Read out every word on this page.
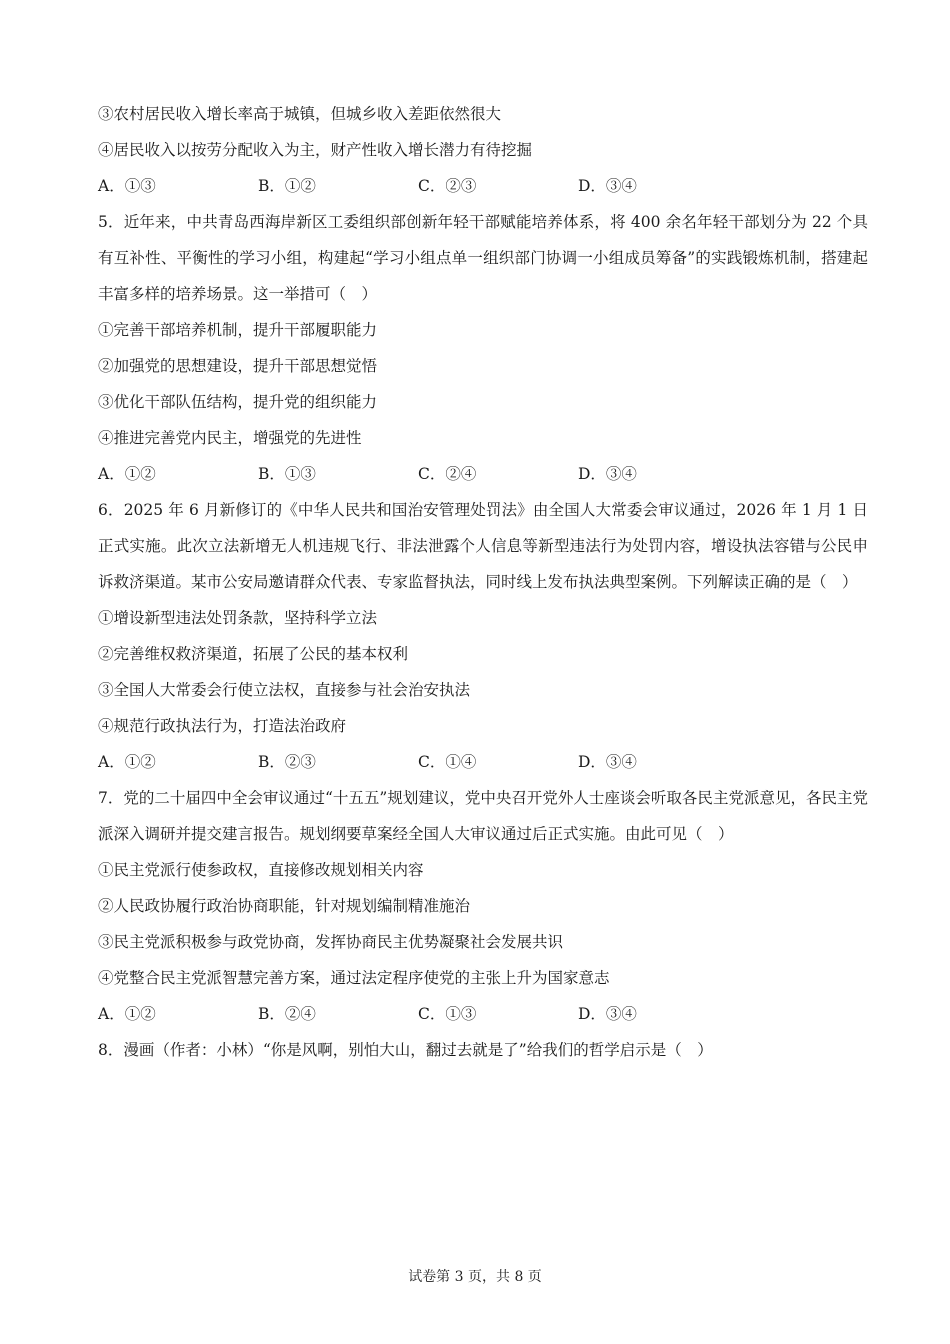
③农村居民收入增长率高于城镇，但城乡收入差距依然很大
④居民收入以按劳分配收入为主，财产性收入增长潜力有待挖掘
A．①③	B．①②	C．②③	D．③④
5．近年来，中共青岛西海岸新区工委组织部创新年轻干部赋能培养体系，将 400 余名年轻干部划分为 22 个具有互补性、平衡性的学习小组，构建起“学习小组点单一组织部门协调一小组成员筹备”的实践锻炼机制，搭建起丰富多样的培养场景。这一举措可（　）
①完善干部培养机制，提升干部履职能力
②加强党的思想建设，提升干部思想觉悟
③优化干部队伍结构，提升党的组织能力
④推进完善党内民主，增强党的先进性
A．①②	B．①③	C．②④	D．③④
6．2025 年 6 月新修订的《中华人民共和国治安管理处罚法》由全国人大常委会审议通过，2026 年 1 月 1 日正式实施。此次立法新增无人机违规飞行、非法泄露个人信息等新型违法行为处罚内容，增设执法容错与公民申诉救济渠道。某市公安局邀请群众代表、专家监督执法，同时线上发布执法典型案例。下列解读正确的是（　）
①增设新型违法处罚条款，坚持科学立法
②完善维权救济渠道，拓展了公民的基本权利
③全国人大常委会行使立法权，直接参与社会治安执法
④规范行政执法行为，打造法治政府
A．①②	B．②③	C．①④	D．③④
7．党的二十届四中全会审议通过“十五五”规划建议，党中央召开党外人士座谈会听取各民主党派意见，各民主党派深入调研并提交建言报告。规划纲要草案经全国人大审议通过后正式实施。由此可见（　）
①民主党派行使参政权，直接修改规划相关内容
②人民政协履行政治协商职能，针对规划编制精准施治
③民主党派积极参与政党协商，发挥协商民主优势凝聚社会发展共识
④党整合民主党派智慧完善方案，通过法定程序使党的主张上升为国家意志
A．①②	B．②④	C．①③	D．③④
8．漫画（作者：小林）“你是风啊，别怕大山，翻过去就是了”给我们的哲学启示是（　）
试卷第 3 页，共 8 页
